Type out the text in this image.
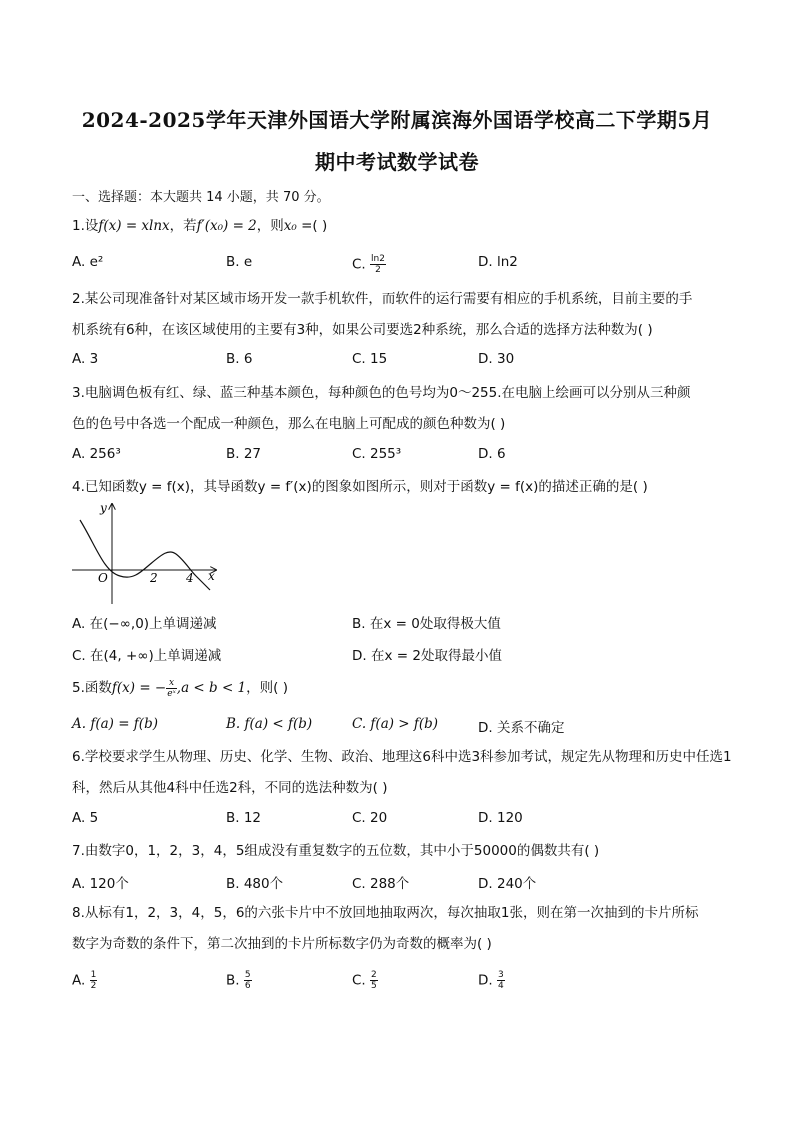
2024-2025学年天津外国语大学附属滨海外国语学校高二下学期5月
期中考试数学试卷
一、选择题：本大题共 14 小题，共 70 分。
1.设f(x) = xlnx，若f′(x₀) = 2，则x₀ =( )
A. e²	B. e	C. $\frac{\ln 2}{2}$	D. ln2
2.某公司现准备针对某区域市场开发一款手机软件，而软件的运行需要有相应的手机系统，目前主要的手
机系统有6种，在该区域使用的主要有3种，如果公司要选2种系统，那么合适的选择方法种数为( )
A. 3	B. 6	C. 15	D. 30
3.电脑调色板有红、绿、蓝三种基本颜色，每种颜色的色号均为0～255.在电脑上绘画可以分别从三种颜
色的色号中各选一个配成一种颜色，那么在电脑上可配成的颜色种数为( )
A. 256³	B. 27	C. 255³	D. 6
4.已知函数y = f(x)，其导函数y = f′(x)的图象如图所示，则对于函数y = f(x)的描述正确的是( )
y
x
O	2 4
A. 在(−∞,0)上单调递减	B. 在x = 0处取得极大值
C. 在(4, +∞)上单调递减	D. 在x = 2处取得最小值
5.函数f(x) = − $\frac{x}{\text{eˣ}} ,a < b < 1$，则( )
A. f(a) = f(b)	B. f(a) < f(b)	C. f(a) > f(b)	D. 关系不确定
6.学校要求学生从物理、历史、化学、生物、政治、地理这6科中选3科参加考试，规定先从物理和历史中任选1
科，然后从其他4科中任选2科，不同的选法种数为( )
A. 5	B. 12	C. 20	D. 120
7.由数字0，1，2，3，4，5组成没有重复数字的五位数，其中小于50000的偶数共有( )
A. 120个	B. 480个	C. 288个	D. 240个
8.从标有1，2，3，4，5，6的六张卡片中不放回地抽取两次，每次抽取1张，则在第一次抽到的卡片所标
数字为奇数的条件下，第二次抽到的卡片所标数字仍为奇数的概率为( )
A. $\frac{1}{2}$	B. $\frac{5}{6}$	C. $\frac{2}{5}$	D. $\frac{3}{4}$
